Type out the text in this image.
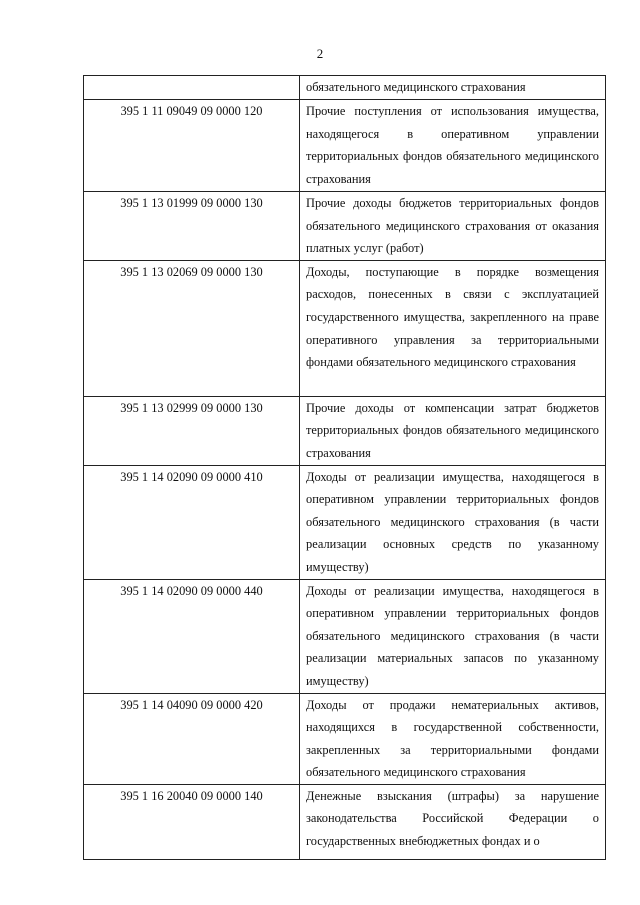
2
	обязательного медицинского страхования
395 1 11 09049 09 0000 120	Прочие поступления от использования имущества, находящегося в оперативном управлении территориальных фондов обязательного медицинского страхования
395 1 13 01999 09 0000 130	Прочие доходы бюджетов территориальных фондов обязательного медицинского страхования от оказания платных услуг (работ)
395 1 13 02069 09 0000 130	Доходы, поступающие в порядке возмещения расходов, понесенных в связи с эксплуатацией государственного имущества, закрепленного на праве оперативного управления за территориальными фондами обязательного медицинского страхования
395 1 13 02999 09 0000 130	Прочие доходы от компенсации затрат бюджетов территориальных фондов обязательного медицинского страхования
395 1 14 02090 09 0000 410	Доходы от реализации имущества, находящегося в оперативном управлении территориальных фондов обязательного медицинского страхования (в части реализации основных средств по указанному имуществу)
395 1 14 02090 09 0000 440	Доходы от реализации имущества, находящегося в оперативном управлении территориальных фондов обязательного медицинского страхования (в части реализации материальных запасов по указанному имуществу)
395 1 14 04090 09 0000 420	Доходы от продажи нематериальных активов, находящихся в государственной собственности, закрепленных за территориальными фондами обязательного медицинского страхования
395 1 16 20040 09 0000 140	Денежные взыскания (штрафы) за нарушение законодательства Российской Федерации о государственных внебюджетных фондах и о
